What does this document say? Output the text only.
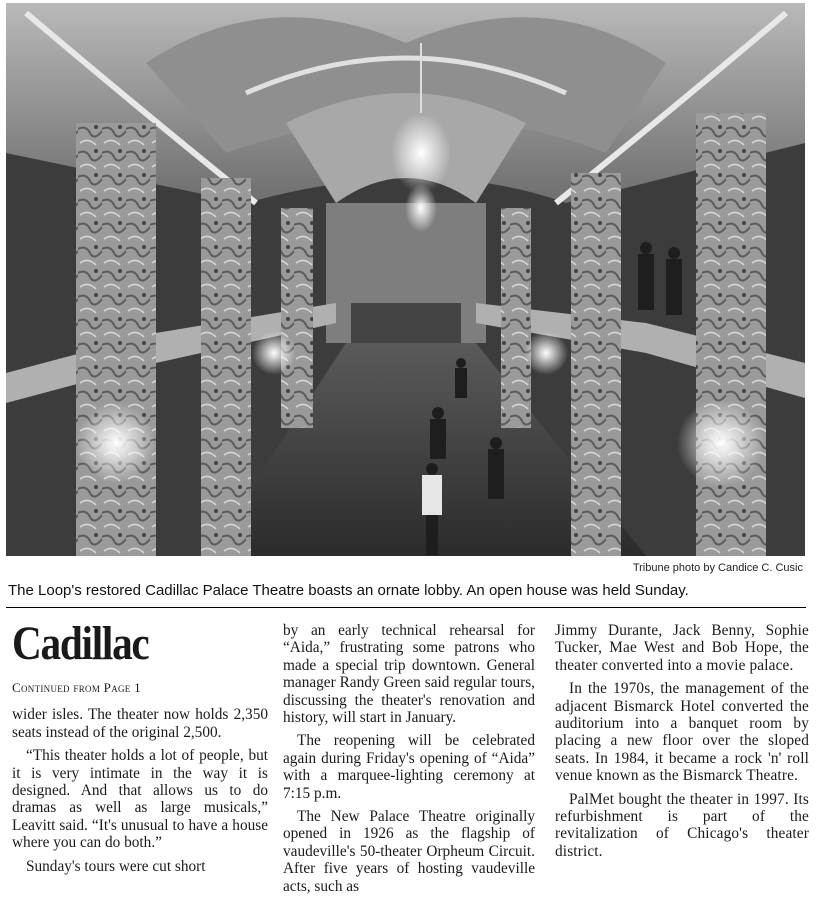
Tribune photo by Candice C. Cusic
The Loop's restored Cadillac Palace Theatre boasts an ornate lobby. An open house was held Sunday.
Cadillac
Continued from Page 1

wider isles. The theater now holds 2,350 seats instead of the original 2,500.

“This theater holds a lot of people, but it is very intimate in the way it is designed. And that allows us to do dramas as well as large musicals,” Leavitt said. “It's unusual to have a house where you can do both.”

Sunday's tours were cut short

by an early technical rehearsal for “Aida,” frustrating some patrons who made a special trip downtown. General manager Randy Green said regular tours, discussing the theater's renovation and history, will start in January.

The reopening will be celebrated again during Friday's opening of “Aida” with a marquee-lighting ceremony at 7:15 p.m.

The New Palace Theatre originally opened in 1926 as the flagship of vaudeville's 50-theater Orpheum Circuit. After five years of hosting vaudeville acts, such as

Jimmy Durante, Jack Benny, Sophie Tucker, Mae West and Bob Hope, the theater converted into a movie palace.

In the 1970s, the management of the adjacent Bismarck Hotel converted the auditorium into a banquet room by placing a new floor over the sloped seats. In 1984, it became a rock 'n' roll venue known as the Bismarck Theatre.

PalMet bought the theater in 1997. Its refurbishment is part of the revitalization of Chicago's theater district.
